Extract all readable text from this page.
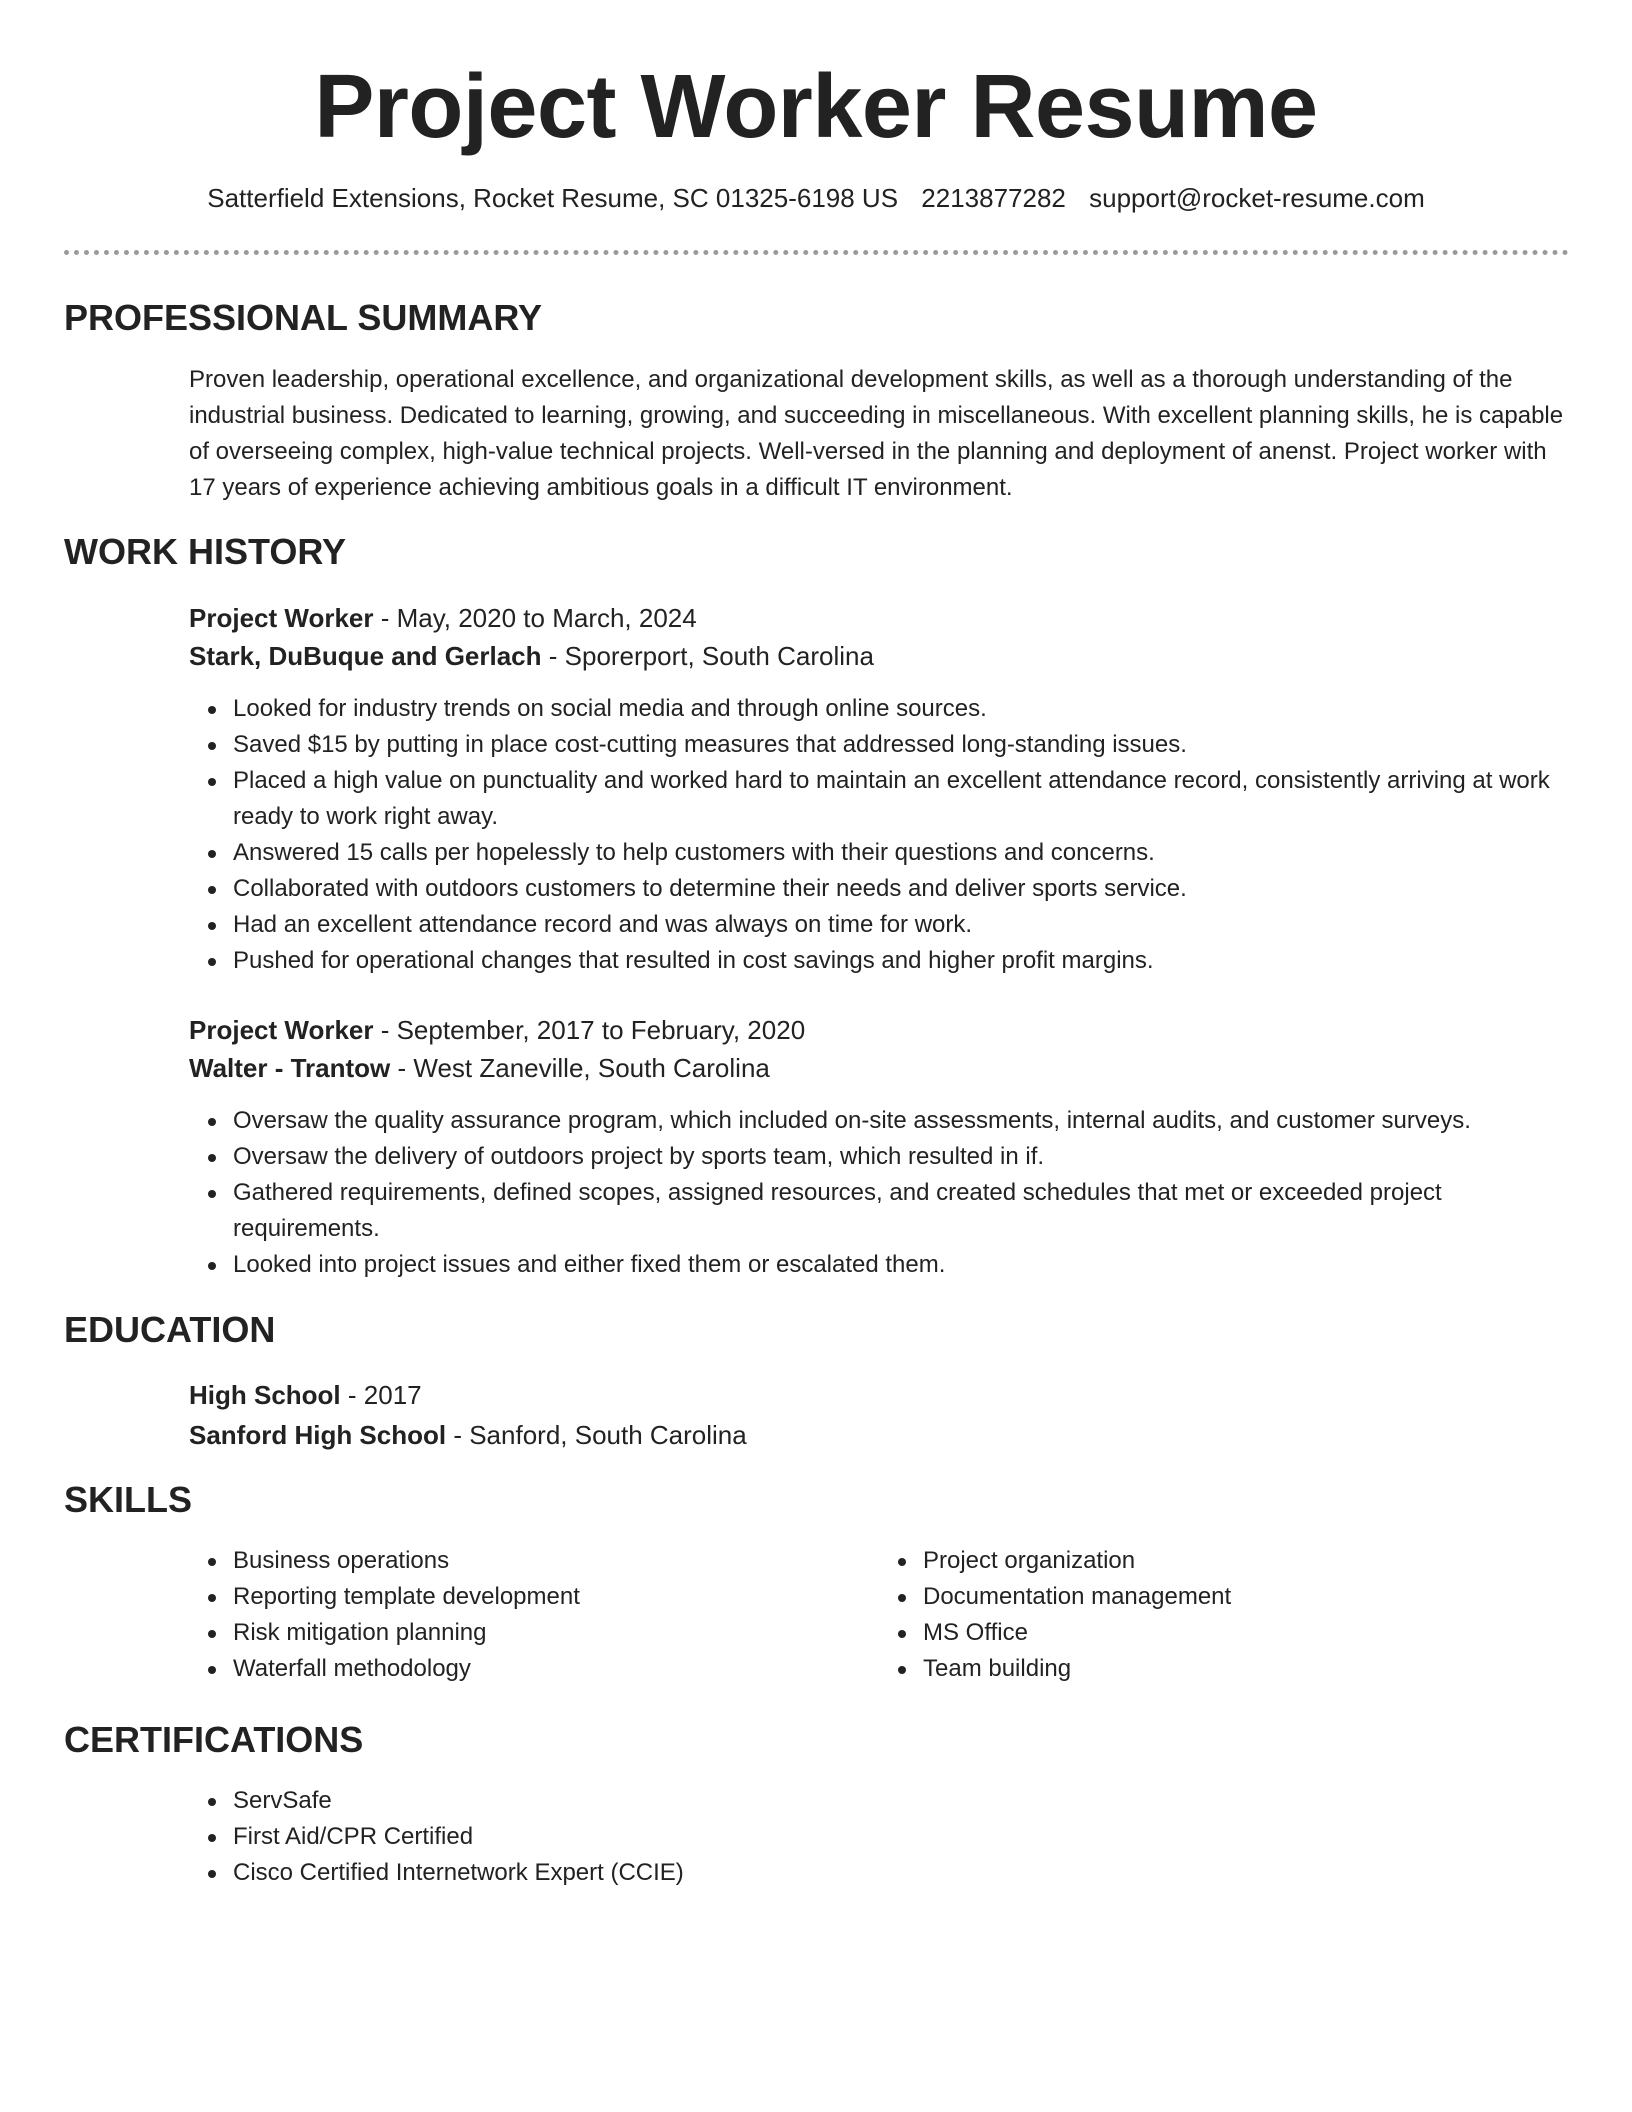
Project Worker Resume
Satterfield Extensions, Rocket Resume, SC 01325-6198 US 2213877282 support@rocket-resume.com
PROFESSIONAL SUMMARY
Proven leadership, operational excellence, and organizational development skills, as well as a thorough understanding of the industrial business. Dedicated to learning, growing, and succeeding in miscellaneous. With excellent planning skills, he is capable of overseeing complex, high-value technical projects. Well-versed in the planning and deployment of anenst. Project worker with 17 years of experience achieving ambitious goals in a difficult IT environment.
WORK HISTORY
Project Worker - May, 2020 to March, 2024
Stark, DuBuque and Gerlach - Sporerport, South Carolina
Looked for industry trends on social media and through online sources.
Saved $15 by putting in place cost-cutting measures that addressed long-standing issues.
Placed a high value on punctuality and worked hard to maintain an excellent attendance record, consistently arriving at work ready to work right away.
Answered 15 calls per hopelessly to help customers with their questions and concerns.
Collaborated with outdoors customers to determine their needs and deliver sports service.
Had an excellent attendance record and was always on time for work.
Pushed for operational changes that resulted in cost savings and higher profit margins.
Project Worker - September, 2017 to February, 2020
Walter - Trantow - West Zaneville, South Carolina
Oversaw the quality assurance program, which included on-site assessments, internal audits, and customer surveys.
Oversaw the delivery of outdoors project by sports team, which resulted in if.
Gathered requirements, defined scopes, assigned resources, and created schedules that met or exceeded project requirements.
Looked into project issues and either fixed them or escalated them.
EDUCATION
High School - 2017
Sanford High School - Sanford, South Carolina
SKILLS
Business operations
Reporting template development
Risk mitigation planning
Waterfall methodology
Project organization
Documentation management
MS Office
Team building
CERTIFICATIONS
ServSafe
First Aid/CPR Certified
Cisco Certified Internetwork Expert (CCIE)
